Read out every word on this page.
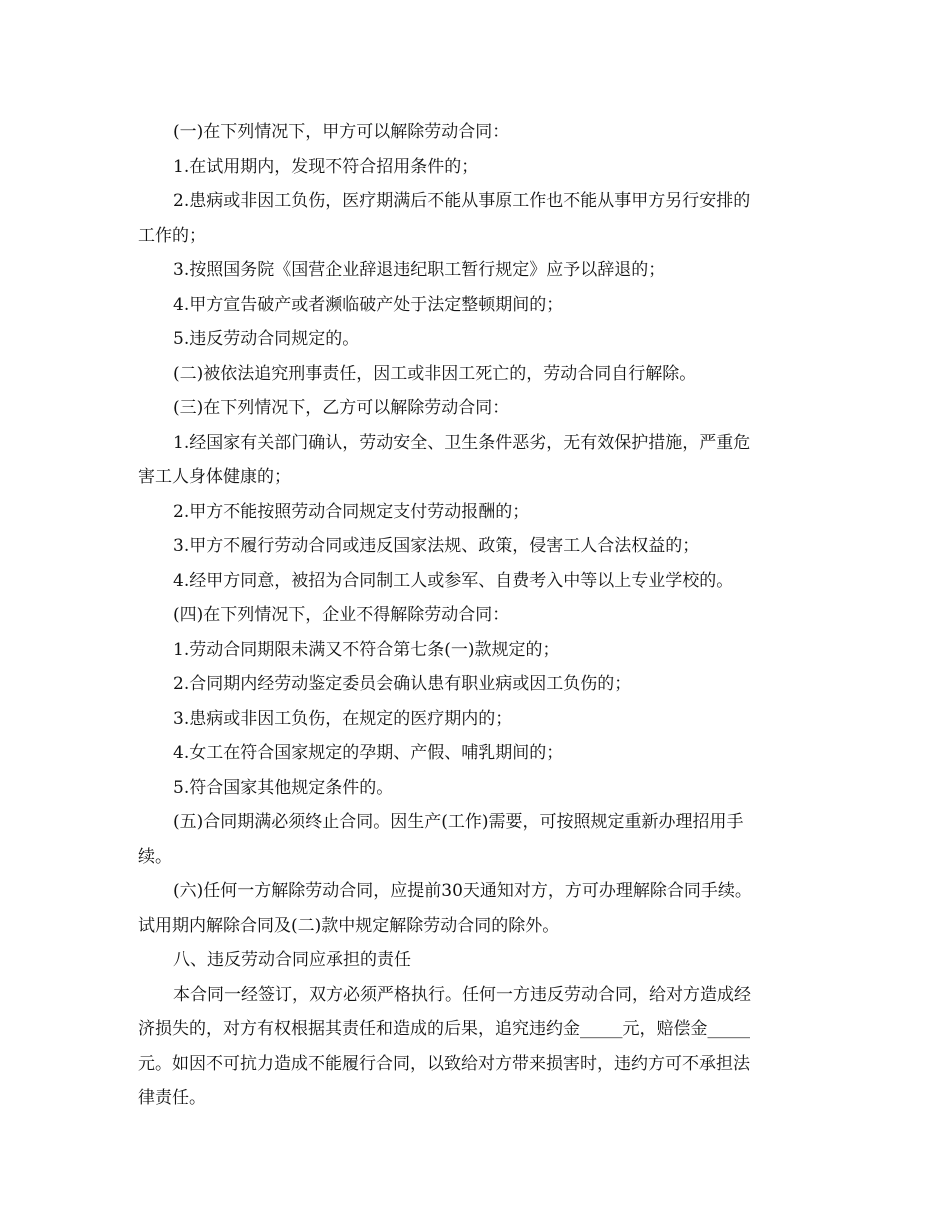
(一)在下列情况下，甲方可以解除劳动合同：
1.在试用期内，发现不符合招用条件的；
2.患病或非因工负伤，医疗期满后不能从事原工作也不能从事甲方另行安排的
工作的；
3.按照国务院《国营企业辞退违纪职工暂行规定》应予以辞退的；
4.甲方宣告破产或者濒临破产处于法定整顿期间的；
5.违反劳动合同规定的。
(二)被依法追究刑事责任，因工或非因工死亡的，劳动合同自行解除。
(三)在下列情况下，乙方可以解除劳动合同：
1.经国家有关部门确认，劳动安全、卫生条件恶劣，无有效保护措施，严重危
害工人身体健康的；
2.甲方不能按照劳动合同规定支付劳动报酬的；
3.甲方不履行劳动合同或违反国家法规、政策，侵害工人合法权益的；
4.经甲方同意，被招为合同制工人或参军、自费考入中等以上专业学校的。
(四)在下列情况下，企业不得解除劳动合同：
1.劳动合同期限未满又不符合第七条(一)款规定的；
2.合同期内经劳动鉴定委员会确认患有职业病或因工负伤的；
3.患病或非因工负伤，在规定的医疗期内的；
4.女工在符合国家规定的孕期、产假、哺乳期间的；
5.符合国家其他规定条件的。
(五)合同期满必须终止合同。因生产(工作)需要，可按照规定重新办理招用手
续。
(六)任何一方解除劳动合同，应提前30天通知对方，方可办理解除合同手续。
试用期内解除合同及(二)款中规定解除劳动合同的除外。
八、违反劳动合同应承担的责任
本合同一经签订，双方必须严格执行。任何一方违反劳动合同，给对方造成经
济损失的，对方有权根据其责任和造成的后果，追究违约金_____元，赔偿金_____
元。如因不可抗力造成不能履行合同，以致给对方带来损害时，违约方可不承担法
律责任。
